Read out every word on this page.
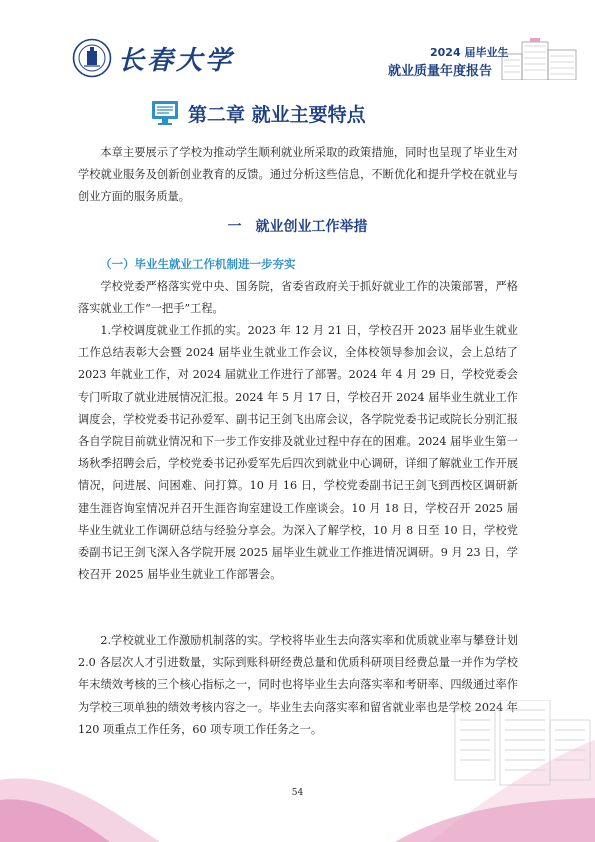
长春大学	2024 届毕业生
就业质量年度报告
第二章 就业主要特点

本章主要展示了学校为推动学生顺利就业所采取的政策措施，同时也呈现了毕业生对学校就业服务及创新创业教育的反馈。通过分析这些信息，不断优化和提升学校在就业与创业方面的服务质量。

一　就业创业工作举措
（一）毕业生就业工作机制进一步夯实

学校党委严格落实党中央、国务院，省委省政府关于抓好就业工作的决策部署，严格落实就业工作“一把手”工程。

1.学校调度就业工作抓的实。2023 年 12 月 21 日，学校召开 2023 届毕业生就业工作总结表彰大会暨 2024 届毕业生就业工作会议，全体校领导参加会议，会上总结了 2023 年就业工作，对 2024 届就业工作进行了部署。2024 年 4 月 29 日，学校党委会专门听取了就业进展情况汇报。2024 年 5 月 17 日，学校召开 2024 届毕业生就业工作调度会，学校党委书记孙爱军、副书记王剑飞出席会议，各学院党委书记或院长分别汇报各自学院目前就业情况和下一步工作安排及就业过程中存在的困难。2024 届毕业生第一场秋季招聘会后，学校党委书记孙爱军先后四次到就业中心调研，详细了解就业工作开展情况，问进展、问困难、问打算。10 月 16 日，学校党委副书记王剑飞到西校区调研新建生涯咨询室情况并召开生涯咨询室建设工作座谈会。10 月 18 日，学校召开 2025 届毕业生就业工作调研总结与经验分享会。为深入了解学校，10 月 8 日至 10 日，学校党委副书记王剑飞深入各学院开展 2025 届毕业生就业工作推进情况调研。9 月 23 日，学校召开 2025 届毕业生就业工作部署会。

2.学校就业工作激励机制落的实。学校将毕业生去向落实率和优质就业率与攀登计划 2.0 各层次人才引进数量，实际到账科研经费总量和优质科研项目经费总量一并作为学校年末绩效考核的三个核心指标之一，同时也将毕业生去向落实率和考研率、四级通过率作为学校三项单独的绩效考核内容之一。毕业生去向落实率和留省就业率也是学校 2024 年 120 项重点工作任务，60 项专项工作任务之一。

54
